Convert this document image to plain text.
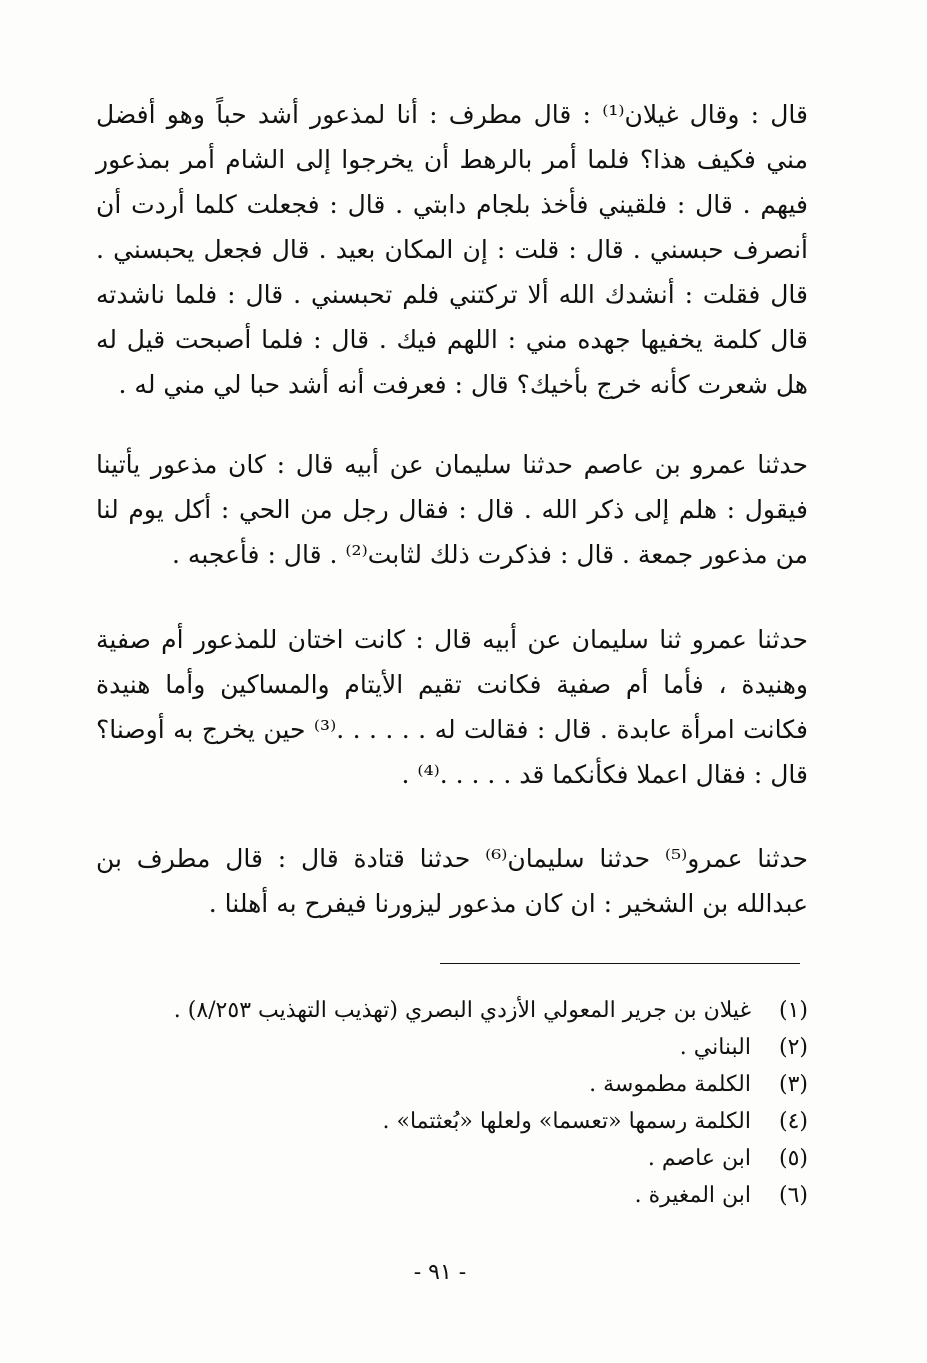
قال : وقال غيلان⁽¹⁾ : قال مطرف : أنا لمذعور أشد حباً وهو أفضل مني فكيف هذا؟ فلما أمر بالرهط أن يخرجوا إلى الشام أمر بمذعور فيهم . قال : فلقيني فأخذ بلجام دابتي . قال : فجعلت كلما أردت أن أنصرف حبسني . قال : قلت : إن المكان بعيد . قال فجعل يحبسني . قال فقلت : أنشدك الله ألا تركتني فلم تحبسني . قال : فلما ناشدته قال كلمة يخفيها جهده مني : اللهم فيك . قال : فلما أصبحت قيل له هل شعرت كأنه خرج بأخيك؟ قال : فعرفت أنه أشد حبا لي مني له .

حدثنا عمرو بن عاصم حدثنا سليمان عن أبيه قال : كان مذعور يأتينا فيقول : هلم إلى ذكر الله . قال : فقال رجل من الحي : أكل يوم لنا من مذعور جمعة . قال : فذكرت ذلك لثابت⁽²⁾ . قال : فأعجبه .

حدثنا عمرو ثنا سليمان عن أبيه قال : كانت اختان للمذعور أم صفية وهنيدة ، فأما أم صفية فكانت تقيم الأيتام والمساكين وأما هنيدة فكانت امرأة عابدة . قال : فقالت له . . . . . .⁽³⁾ حين يخرج به أوصنا؟ قال : فقال اعملا فكأنكما قد . . . . .⁽⁴⁾ .

حدثنا عمرو⁽⁵⁾ حدثنا سليمان⁽⁶⁾ حدثنا قتادة قال : قال مطرف بن عبدالله بن الشخير : ان كان مذعور ليزورنا فيفرح به أهلنا .

(١) غيلان بن جرير المعولي الأزدي البصري (تهذيب التهذيب ٨/٢٥٣) .
(٢) البناني .
(٣) الكلمة مطموسة .
(٤) الكلمة رسمها «تعسما» ولعلها «بُعثتما» .
(٥) ابن عاصم .
(٦) ابن المغيرة .
- ٩١ -
